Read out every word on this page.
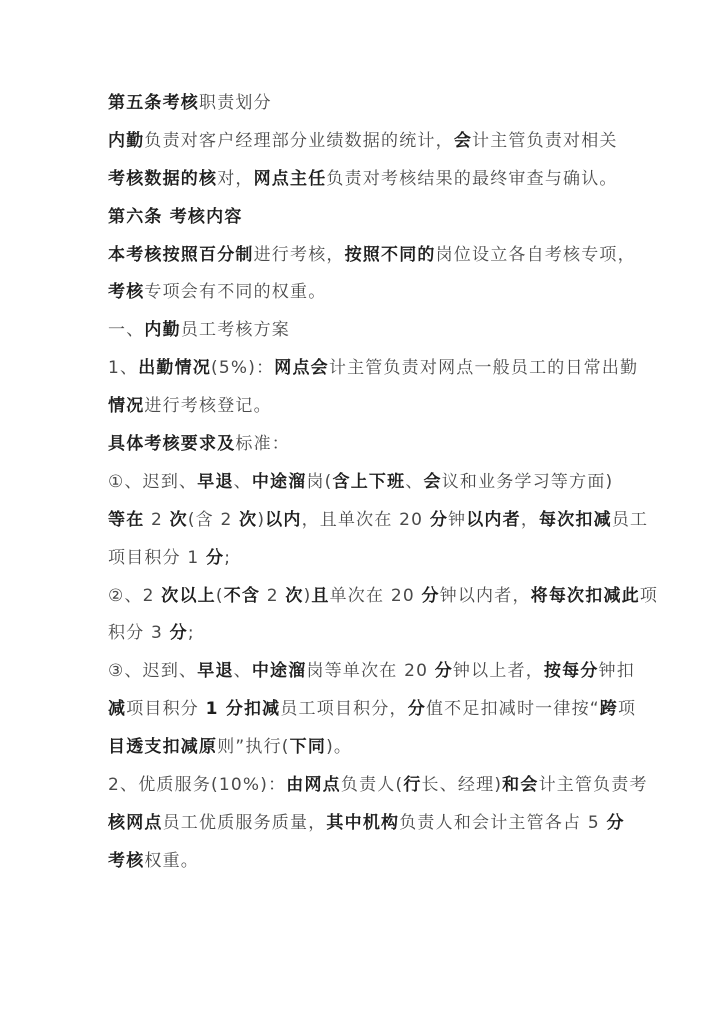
第五条考核职责划分
内勤负责对客户经理部分业绩数据的统计，会计主管负责对相关
考核数据的核对，网点主任负责对考核结果的最终审查与确认。
第六条 考核内容
本考核按照百分制进行考核，按照不同的岗位设立各自考核专项，
考核专项会有不同的权重。
一、内勤员工考核方案
1、出勤情况(5%)：网点会计主管负责对网点一般员工的日常出勤
情况进行考核登记。
具体考核要求及标准：
①、迟到、早退、中途溜岗(含上下班、会议和业务学习等方面)
等在 2 次(含 2 次)以内，且单次在 20 分钟以内者，每次扣减员工
项目积分 1 分;
②、2 次以上(不含 2 次)且单次在 20 分钟以内者，将每次扣减此项
积分 3 分;
③、迟到、早退、中途溜岗等单次在 20 分钟以上者，按每分钟扣
减项目积分 1 分扣减员工项目积分，分值不足扣减时一律按“跨项
目透支扣减原则”执行(下同)。
2、优质服务(10%)：由网点负责人(行长、经理)和会计主管负责考
核网点员工优质服务质量，其中机构负责人和会计主管各占 5 分
考核权重。
